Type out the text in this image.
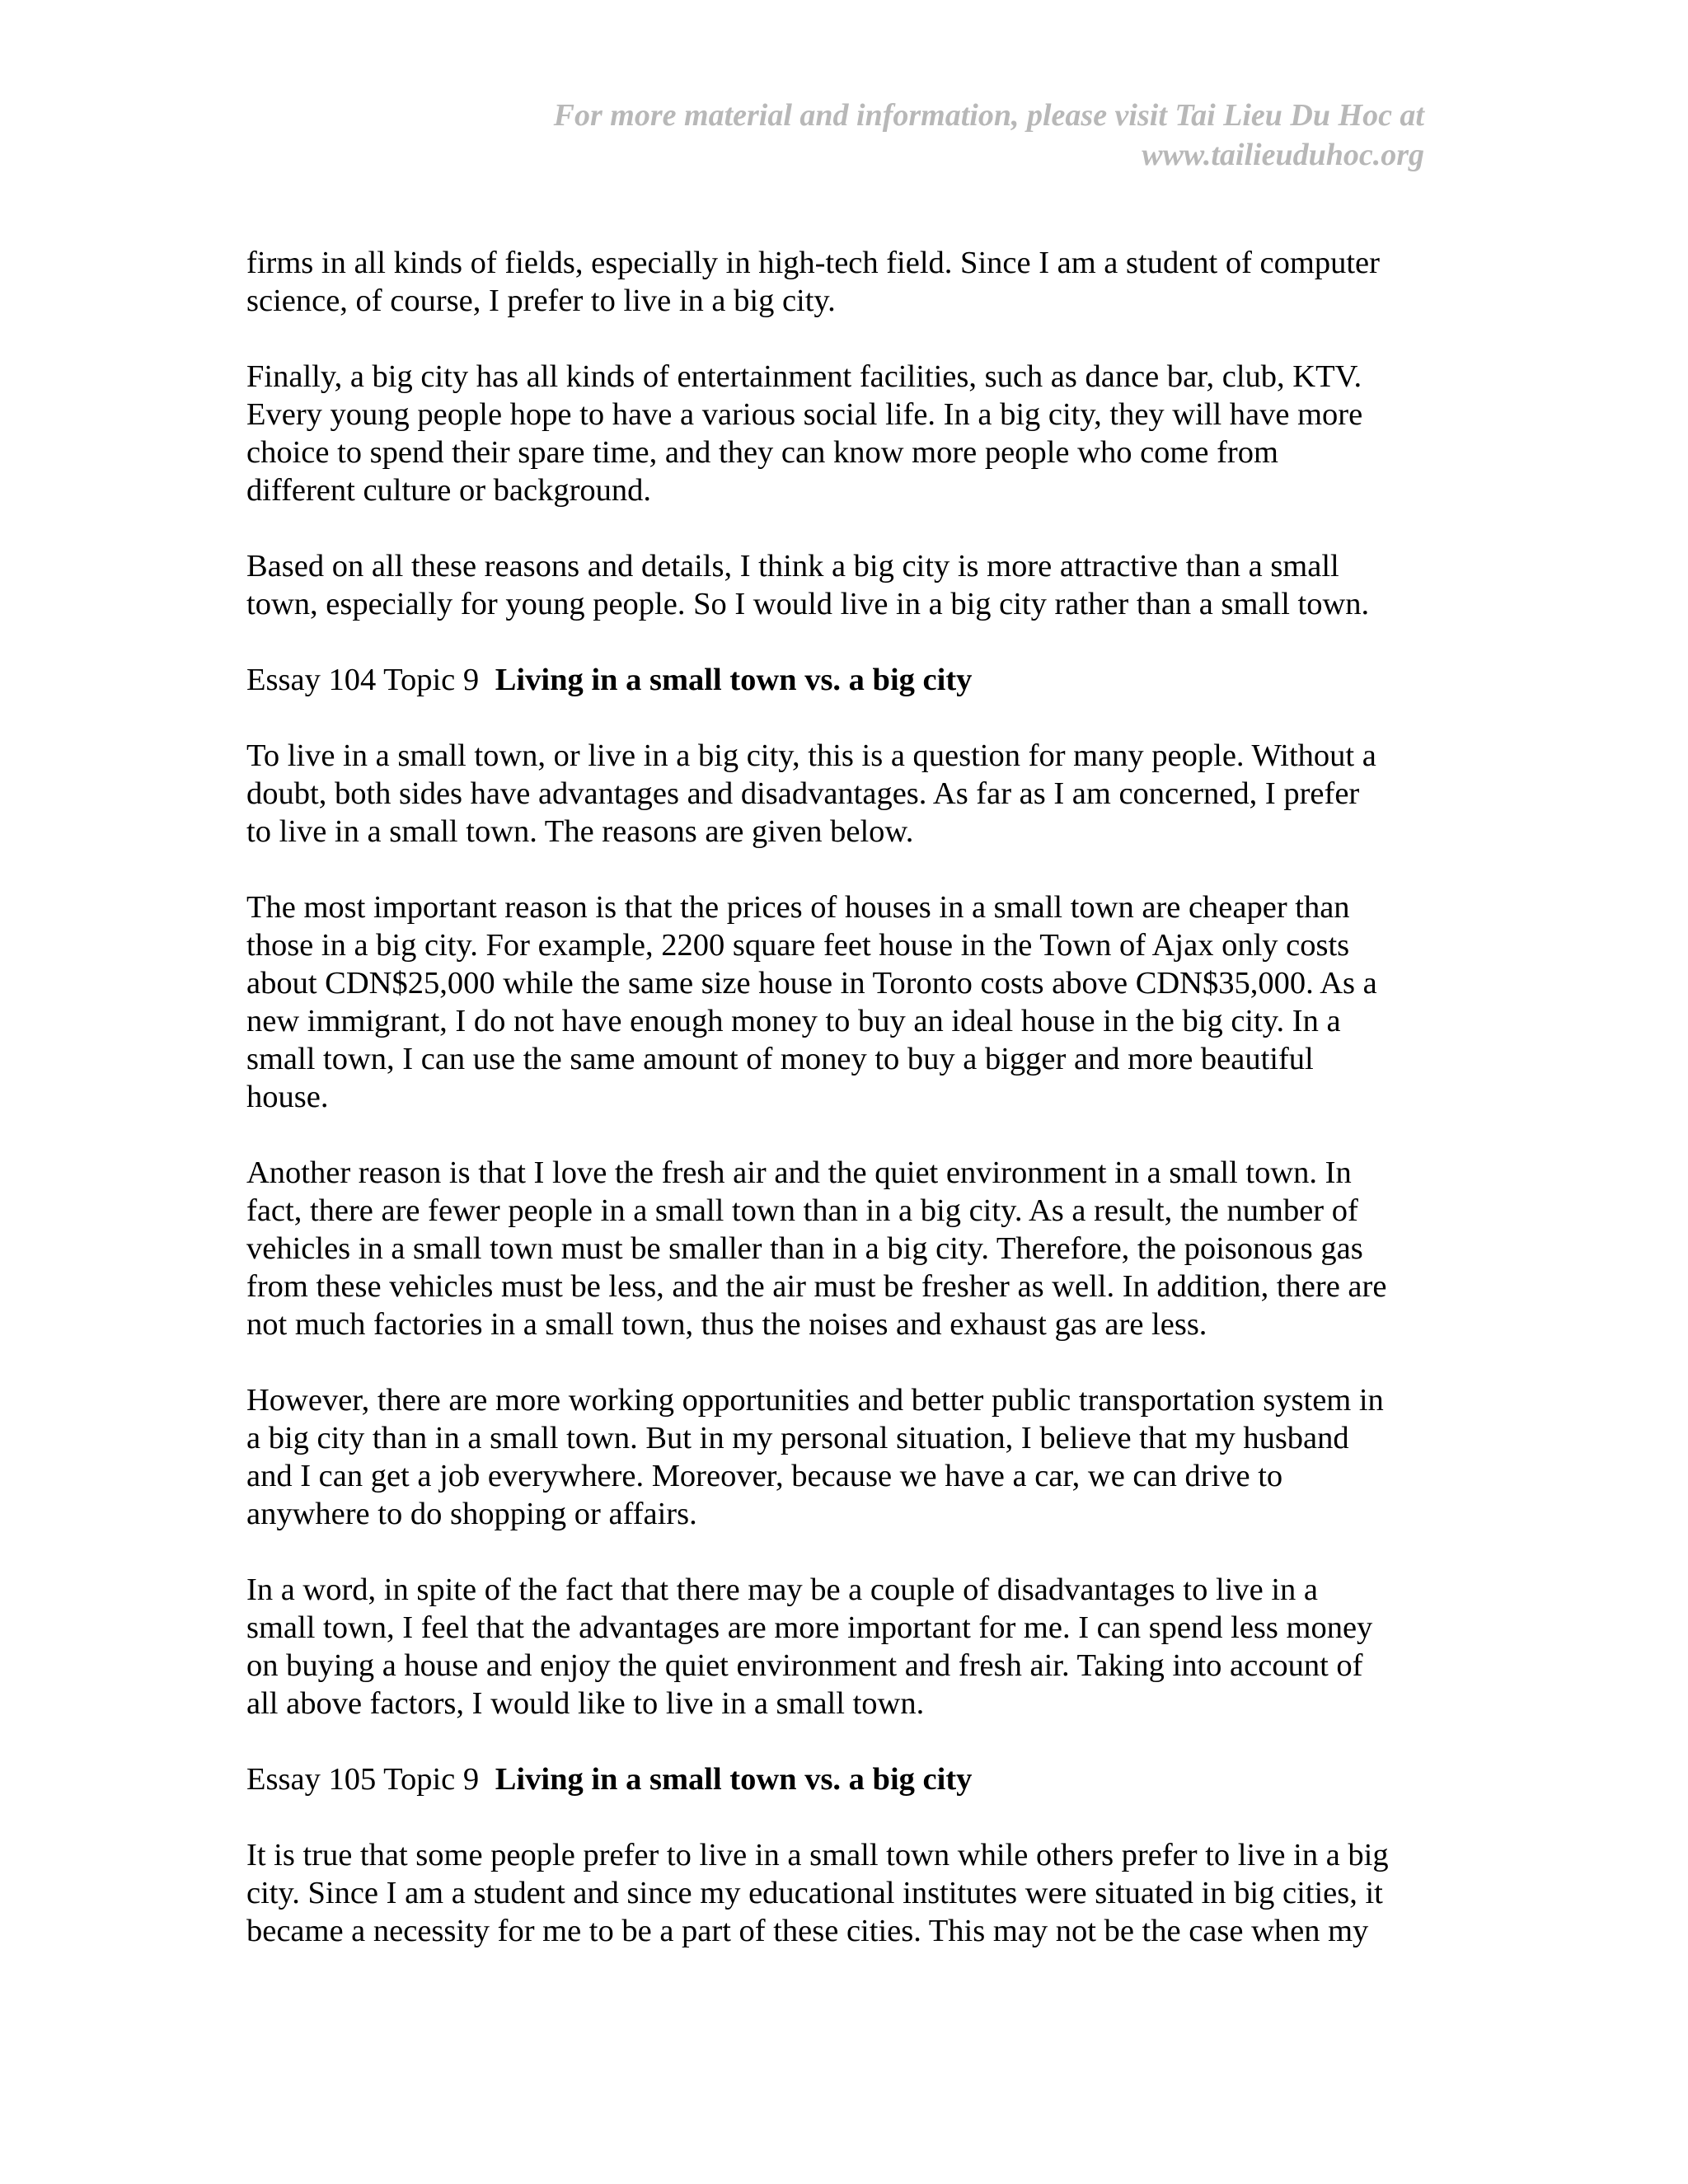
For more material and information, please visit Tai Lieu Du Hoc at
www.tailieuduhoc.org

firms in all kinds of fields, especially in high-tech field. Since I am a student of computer
science, of course, I prefer to live in a big city.

Finally, a big city has all kinds of entertainment facilities, such as dance bar, club, KTV.
Every young people hope to have a various social life. In a big city, they will have more
choice to spend their spare time, and they can know more people who come from
different culture or background.

Based on all these reasons and details, I think a big city is more attractive than a small
town, especially for young people. So I would live in a big city rather than a small town.

Essay 104 Topic 9 Living in a small town vs. a big city

To live in a small town, or live in a big city, this is a question for many people. Without a
doubt, both sides have advantages and disadvantages. As far as I am concerned, I prefer
to live in a small town. The reasons are given below.

The most important reason is that the prices of houses in a small town are cheaper than
those in a big city. For example, 2200 square feet house in the Town of Ajax only costs
about CDN$25,000 while the same size house in Toronto costs above CDN$35,000. As a
new immigrant, I do not have enough money to buy an ideal house in the big city. In a
small town, I can use the same amount of money to buy a bigger and more beautiful
house.

Another reason is that I love the fresh air and the quiet environment in a small town. In
fact, there are fewer people in a small town than in a big city. As a result, the number of
vehicles in a small town must be smaller than in a big city. Therefore, the poisonous gas
from these vehicles must be less, and the air must be fresher as well. In addition, there are
not much factories in a small town, thus the noises and exhaust gas are less.

However, there are more working opportunities and better public transportation system in
a big city than in a small town. But in my personal situation, I believe that my husband
and I can get a job everywhere. Moreover, because we have a car, we can drive to
anywhere to do shopping or affairs.

In a word, in spite of the fact that there may be a couple of disadvantages to live in a
small town, I feel that the advantages are more important for me. I can spend less money
on buying a house and enjoy the quiet environment and fresh air. Taking into account of
all above factors, I would like to live in a small town.

Essay 105 Topic 9 Living in a small town vs. a big city

It is true that some people prefer to live in a small town while others prefer to live in a big
city. Since I am a student and since my educational institutes were situated in big cities, it
became a necessity for me to be a part of these cities. This may not be the case when my
